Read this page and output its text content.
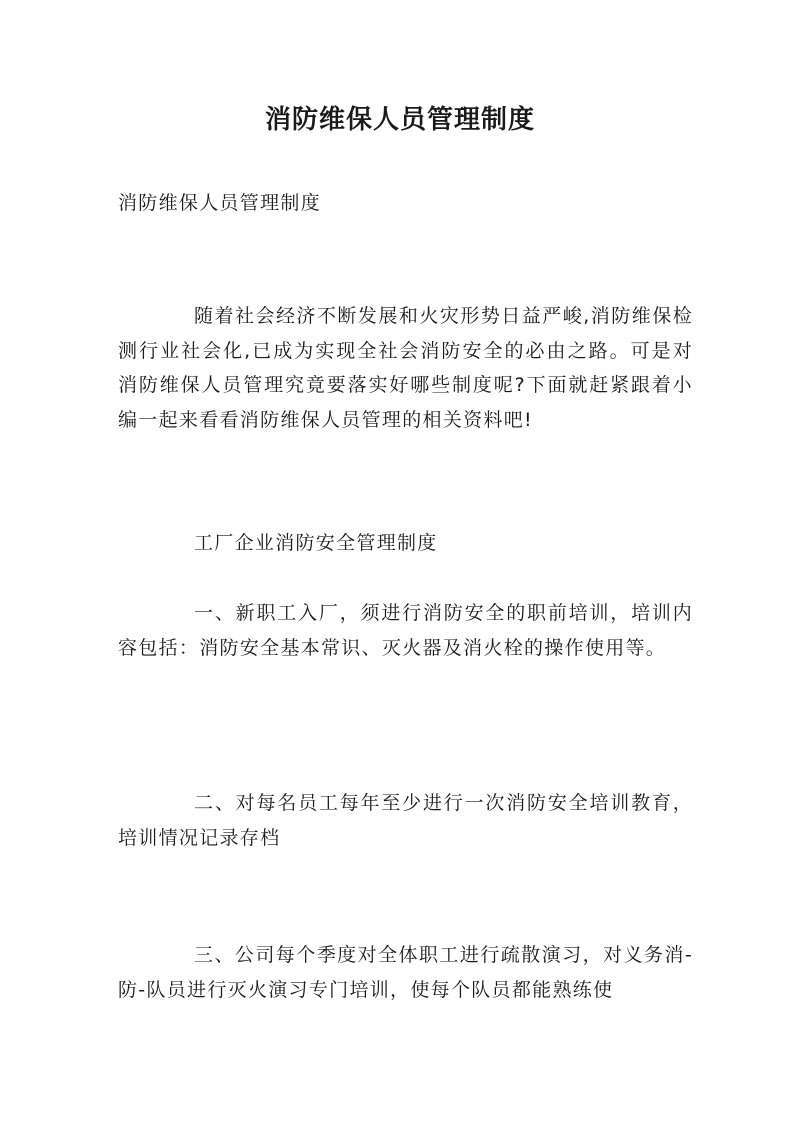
消防维保人员管理制度

消防维保人员管理制度

随着社会经济不断发展和火灾形势日益严峻,消防维保检测行业社会化,已成为实现全社会消防安全的必由之路。可是对消防维保人员管理究竟要落实好哪些制度呢?下面就赶紧跟着小编一起来看看消防维保人员管理的相关资料吧!

工厂企业消防安全管理制度

一、新职工入厂，须进行消防安全的职前培训，培训内容包括：消防安全基本常识、灭火器及消火栓的操作使用等。

二、对每名员工每年至少进行一次消防安全培训教育，培训情况记录存档

三、公司每个季度对全体职工进行疏散演习，对义务消-防-队员进行灭火演习专门培训，使每个队员都能熟练使
